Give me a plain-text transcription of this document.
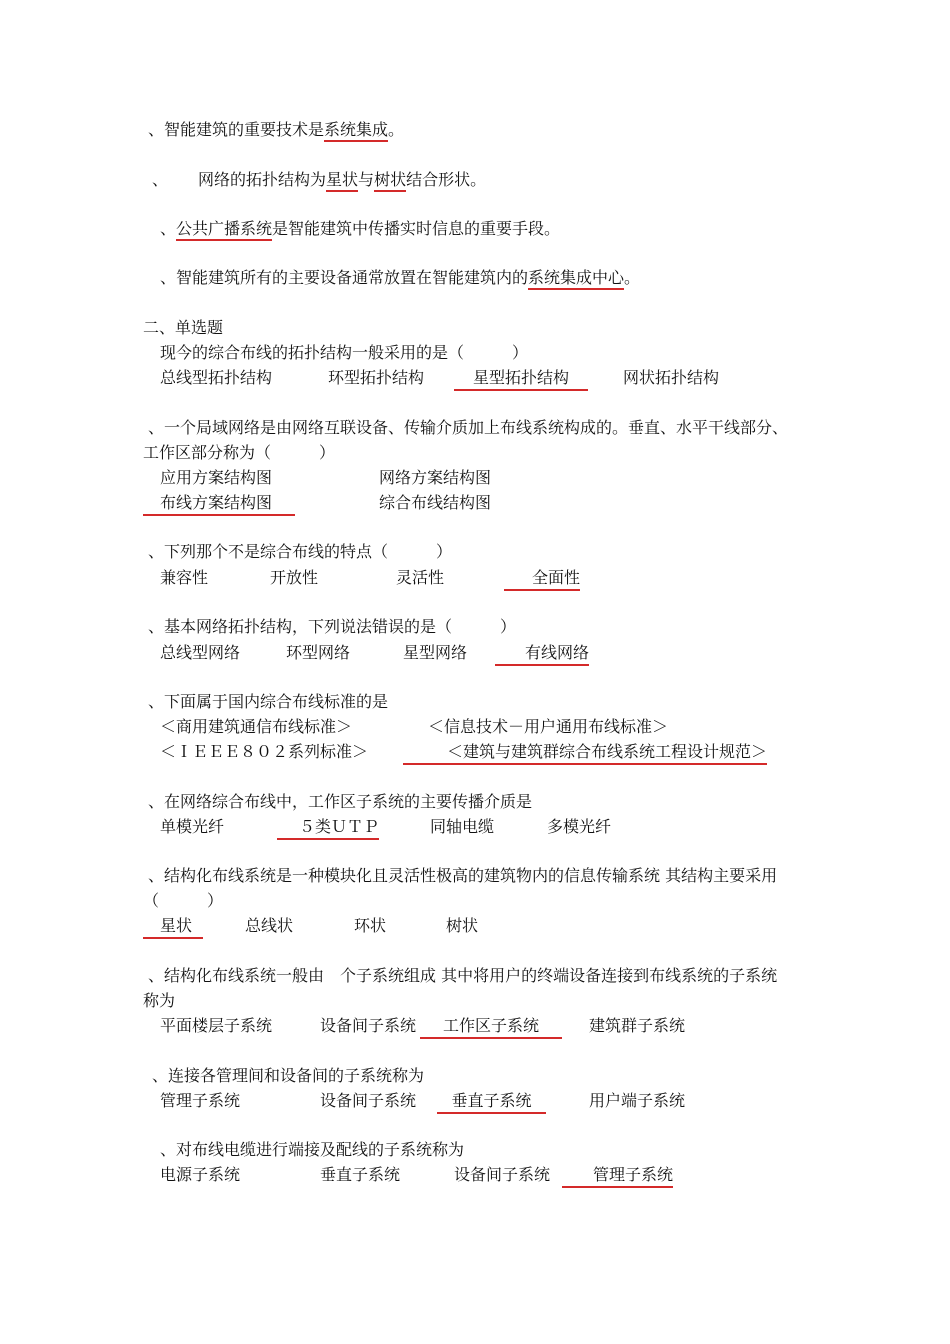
、智能建筑的重要技术是系统集成。
、 网络的拓扑结构为星状与树状结合形状。
、公共广播系统是智能建筑中传播实时信息的重要手段。
、智能建筑所有的主要设备通常放置在智能建筑内的系统集成中心。
二、单选题
现今的综合布线的拓扑结构一般采用的是（　　　）
总线型拓扑结构	环型拓扑结构	星型拓扑结构	网状拓扑结构
、一个局域网络是由网络互联设备、传输介质加上布线系统构成的。垂直、水平干线部分、
工作区部分称为（　　　）
应用方案结构图	网络方案结构图
布线方案结构图	综合布线结构图
、下列那个不是综合布线的特点（　　　）
兼容性	开放性	灵活性	全面性
、基本网络拓扑结构，下列说法错误的是（　　　）
总线型网络	环型网络	星型网络	有线网络
、下面属于国内综合布线标准的是
＜商用建筑通信布线标准＞	＜信息技术－用户通用布线标准＞
＜ＩＥＥＥ８０２系列标准＞	＜建筑与建筑群综合布线系统工程设计规范＞
、在网络综合布线中，工作区子系统的主要传播介质是
单模光纤	５类ＵＴＰ	同轴电缆	多模光纤
、结构化布线系统是一种模块化且灵活性极高的建筑物内的信息传输系统 其结构主要采用
（　　　）
星状	总线状	环状	树状
、结构化布线系统一般由　个子系统组成 其中将用户的终端设备连接到布线系统的子系统
称为
平面楼层子系统	设备间子系统	工作区子系统	建筑群子系统
、连接各管理间和设备间的子系统称为
管理子系统	设备间子系统	垂直子系统	用户端子系统
、对布线电缆进行端接及配线的子系统称为
电源子系统	垂直子系统	设备间子系统	管理子系统
